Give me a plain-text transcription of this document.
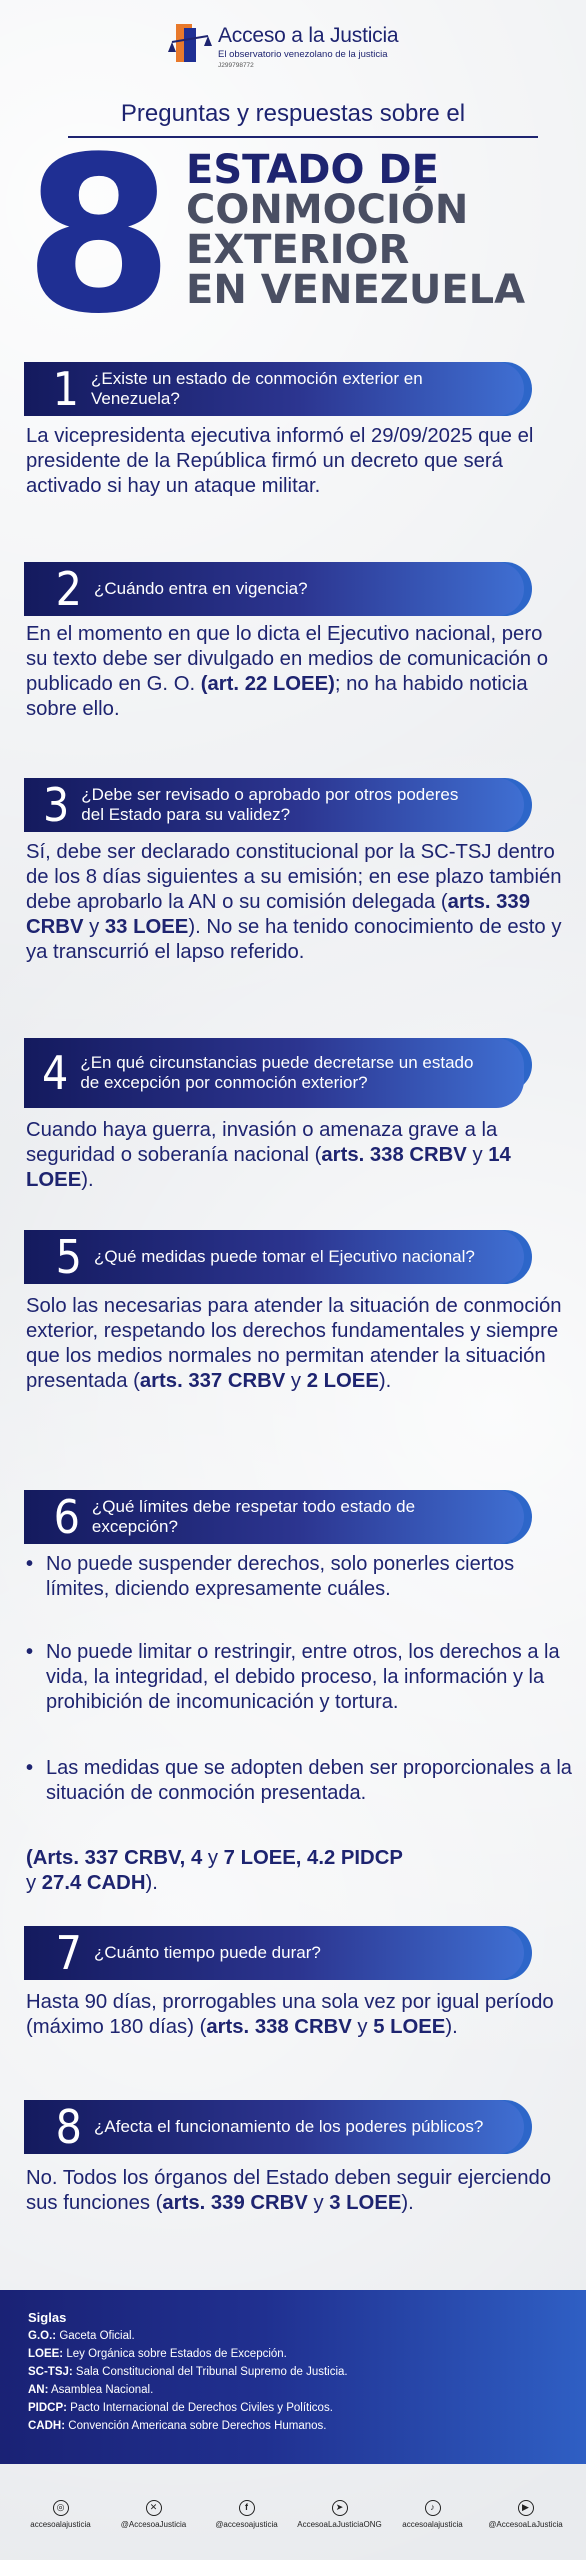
Acceso a la Justicia
El observatorio venezolano de la justicia
J299798772
Preguntas y respuestas sobre el
8 ESTADO DE
CONMOCIÓN
EXTERIOR
EN VENEZUELA
1 ¿Existe un estado de conmoción exterior en Venezuela?

La vicepresidenta ejecutiva informó el 29/09/2025 que el presidente de la República firmó un decreto que será activado si hay un ataque militar.

2 ¿Cuándo entra en vigencia?

En el momento en que lo dicta el Ejecutivo nacional, pero su texto debe ser divulgado en medios de comunicación o publicado en G. O. (art. 22 LOEE); no ha habido noticia sobre ello.

3 ¿Debe ser revisado o aprobado por otros poderes del Estado para su validez?

Sí, debe ser declarado constitucional por la SC-TSJ dentro de los 8 días siguientes a su emisión; en ese plazo también debe aprobarlo la AN o su comisión delegada (arts. 339 CRBV y 33 LOEE). No se ha tenido conocimiento de esto y ya transcurrió el lapso referido.

4 ¿En qué circunstancias puede decretarse un estado de excepción por conmoción exterior?

Cuando haya guerra, invasión o amenaza grave a la seguridad o soberanía nacional (arts. 338 CRBV y 14 LOEE).

5 ¿Qué medidas puede tomar el Ejecutivo nacional?

Solo las necesarias para atender la situación de conmoción exterior, respetando los derechos fundamentales y siempre que los medios normales no permitan atender la situación presentada (arts. 337 CRBV y 2 LOEE).

6 ¿Qué límites debe respetar todo estado de excepción?
• No puede suspender derechos, solo ponerles ciertos límites, diciendo expresamente cuáles.
• No puede limitar o restringir, entre otros, los derechos a la vida, la integridad, el debido proceso, la información y la prohibición de incomunicación y tortura.
• Las medidas que se adopten deben ser proporcionales a la situación de conmoción presentada.

(Arts. 337 CRBV, 4 y 7 LOEE, 4.2 PIDCP
y 27.4 CADH).

7 ¿Cuánto tiempo puede durar?

Hasta 90 días, prorrogables una sola vez por igual período (máximo 180 días) (arts. 338 CRBV y 5 LOEE).

8 ¿Afecta el funcionamiento de los poderes públicos?

No. Todos los órganos del Estado deben seguir ejerciendo sus funciones (arts. 339 CRBV y 3 LOEE).

Siglas
G.O.: Gaceta Oficial.
LOEE: Ley Orgánica sobre Estados de Excepción.
SC-TSJ: Sala Constitucional del Tribunal Supremo de Justicia.
AN: Asamblea Nacional.
PIDCP: Pacto Internacional de Derechos Civiles y Políticos.
CADH: Convención Americana sobre Derechos Humanos.
◎
accesoalajusticia
✕
@AccesoaJusticia
f
@accesoajusticia
➤
AccesoaLaJusticiaONG
♪
accesoalajusticia
▶
@AccesoaLaJusticia
